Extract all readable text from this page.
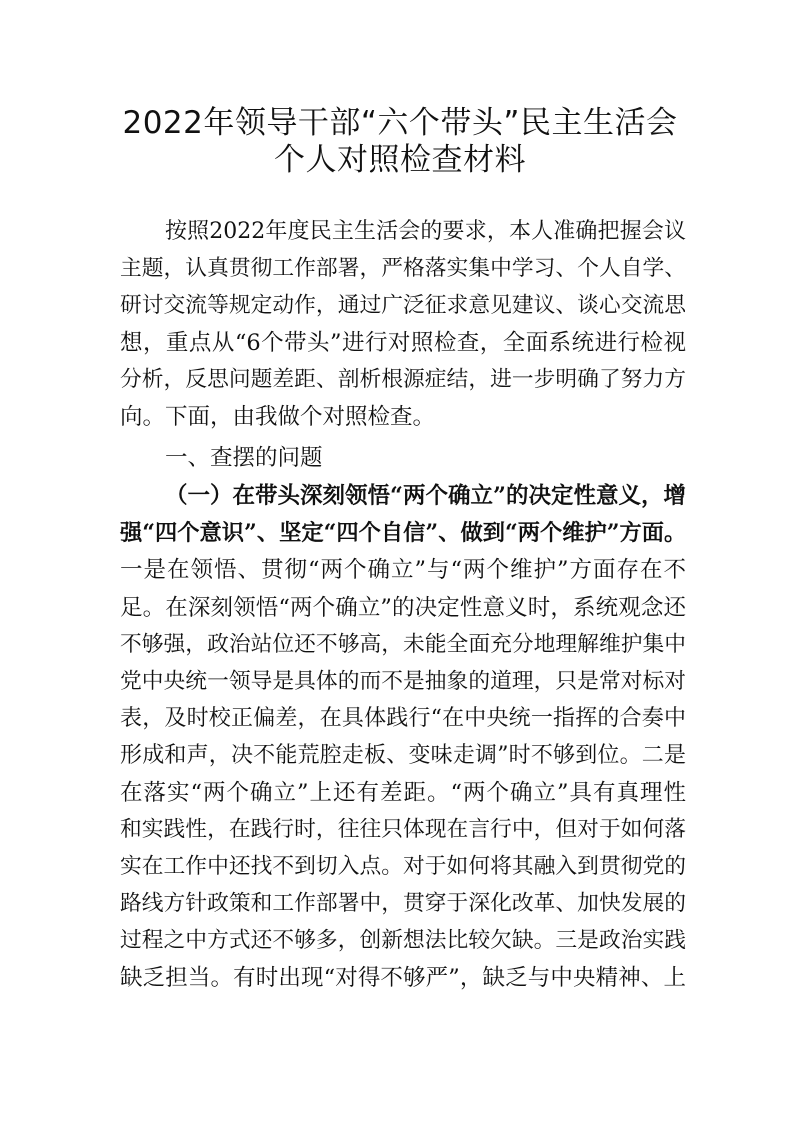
2022年领导干部“六个带头”民主生活会
个人对照检查材料
按照2022年度民主生活会的要求，本人准确把握会议
主题，认真贯彻工作部署，严格落实集中学习、个人自学、
研讨交流等规定动作，通过广泛征求意见建议、谈心交流思
想，重点从“6个带头”进行对照检查，全面系统进行检视
分析，反思问题差距、剖析根源症结，进一步明确了努力方
向。下面，由我做个对照检查。
一、查摆的问题
（一）在带头深刻领悟“两个确立”的决定性意义，增
强“四个意识”、坚定“四个自信”、做到“两个维护”方面。
一是在领悟、贯彻“两个确立”与“两个维护”方面存在不
足。在深刻领悟“两个确立”的决定性意义时，系统观念还
不够强，政治站位还不够高，未能全面充分地理解维护集中
党中央统一领导是具体的而不是抽象的道理，只是常对标对
表，及时校正偏差，在具体践行“在中央统一指挥的合奏中
形成和声，决不能荒腔走板、变味走调”时不够到位。二是
在落实“两个确立”上还有差距。“两个确立”具有真理性
和实践性，在践行时，往往只体现在言行中，但对于如何落
实在工作中还找不到切入点。对于如何将其融入到贯彻党的
路线方针政策和工作部署中，贯穿于深化改革、加快发展的
过程之中方式还不够多，创新想法比较欠缺。三是政治实践
缺乏担当。有时出现“对得不够严”，缺乏与中央精神、上
